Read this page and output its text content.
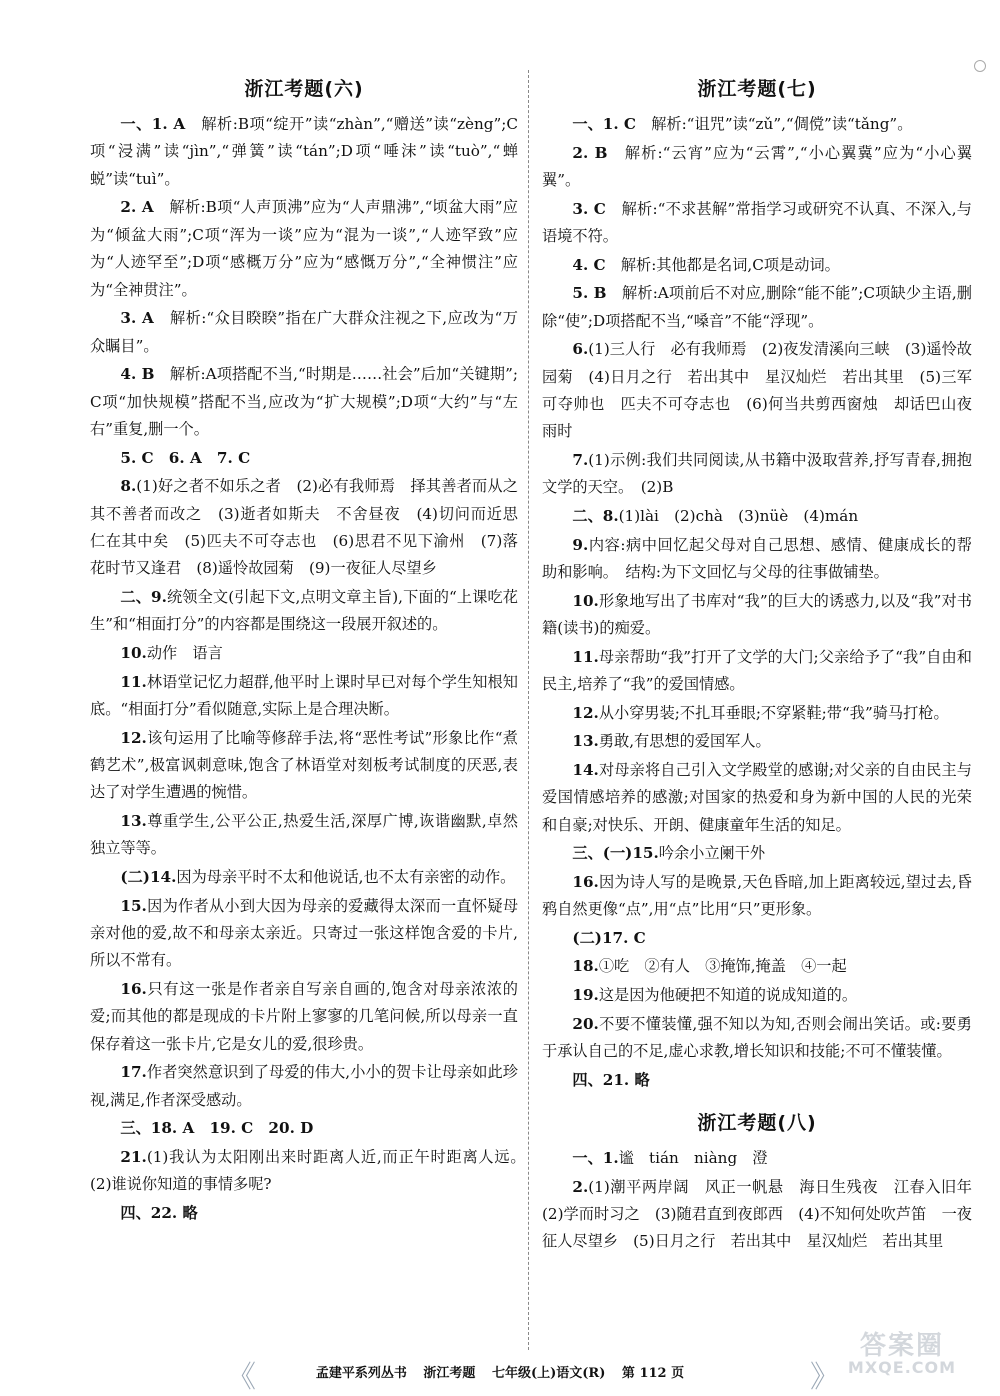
浙江考题(六)
一、1. A　解析:B项“绽开”读“zhàn”,“赠送”读“zèng”;C项“浸满”读“jìn”,“弹簧”读“tán”;D项“唾沫”读“tuò”,“蝉蜕”读“tuì”。
2. A　解析:B项“人声顶沸”应为“人声鼎沸”,“顷盆大雨”应为“倾盆大雨”;C项“浑为一谈”应为“混为一谈”,“人迹罕致”应为“人迹罕至”;D项“感概万分”应为“感慨万分”,“全神惯注”应为“全神贯注”。
3. A　解析:“众目睽睽”指在广大群众注视之下,应改为“万众瞩目”。
4. B　解析:A项搭配不当,“时期是……社会”后加“关键期”;C项“加快规模”搭配不当,应改为“扩大规模”;D项“大约”与“左右”重复,删一个。
5. C　6. A　7. C
8.(1)好之者不如乐之者　(2)必有我师焉　择其善者而从之　其不善者而改之　(3)逝者如斯夫　不舍昼夜　(4)切问而近思　仁在其中矣　(5)匹夫不可夺志也　(6)思君不见下渝州　(7)落花时节又逢君　(8)遥怜故园菊　(9)一夜征人尽望乡
二、9.统领全文(引起下文,点明文章主旨),下面的“上课吃花生”和“相面打分”的内容都是围绕这一段展开叙述的。
10.动作　语言
11.林语堂记忆力超群,他平时上课时早已对每个学生知根知底。“相面打分”看似随意,实际上是合理决断。
12.该句运用了比喻等修辞手法,将“恶性考试”形象比作“煮鹤艺术”,极富讽刺意味,饱含了林语堂对刻板考试制度的厌恶,表达了对学生遭遇的惋惜。
13.尊重学生,公平公正,热爱生活,深厚广博,诙谐幽默,卓然独立等等。
(二)14.因为母亲平时不太和他说话,也不太有亲密的动作。
15.因为作者从小到大因为母亲的爱藏得太深而一直怀疑母亲对他的爱,故不和母亲太亲近。只寄过一张这样饱含爱的卡片,所以不常有。
16.只有这一张是作者亲自写亲自画的,饱含对母亲浓浓的爱;而其他的都是现成的卡片附上寥寥的几笔问候,所以母亲一直保存着这一张卡片,它是女儿的爱,很珍贵。
17.作者突然意识到了母爱的伟大,小小的贺卡让母亲如此珍视,满足,作者深受感动。
三、18. A　19. C　20. D
21.(1)我认为太阳刚出来时距离人近,而正午时距离人远。　(2)谁说你知道的事情多呢?
四、22. 略
浙江考题(七)
一、1. C　解析:“诅咒”读“zǔ”,“倜傥”读“tǎng”。
2. B　解析:“云宵”应为“云霄”,“小心翼冀”应为“小心翼翼”。
3. C　解析:“不求甚解”常指学习或研究不认真、不深入,与语境不符。
4. C　解析:其他都是名词,C项是动词。
5. B　解析:A项前后不对应,删除“能不能”;C项缺少主语,删除“使”;D项搭配不当,“嗓音”不能“浮现”。
6.(1)三人行　必有我师焉　(2)夜发清溪向三峡　(3)遥怜故园菊　(4)日月之行　若出其中　星汉灿烂　若出其里　(5)三军可夺帅也　匹夫不可夺志也　(6)何当共剪西窗烛　却话巴山夜雨时
7.(1)示例:我们共同阅读,从书籍中汲取营养,抒写青春,拥抱文学的天空。　(2)B
二、8.(1)lài　(2)chà　(3)nüè　(4)mán
9.内容:病中回忆起父母对自己思想、感情、健康成长的帮助和影响。　结构:为下文回忆与父母的往事做铺垫。
10.形象地写出了书库对“我”的巨大的诱惑力,以及“我”对书籍(读书)的痴爱。
11.母亲帮助“我”打开了文学的大门;父亲给予了“我”自由和民主,培养了“我”的爱国情感。
12.从小穿男装;不扎耳垂眼;不穿紧鞋;带“我”骑马打枪。
13.勇敢,有思想的爱国军人。
14.对母亲将自己引入文学殿堂的感谢;对父亲的自由民主与爱国情感培养的感激;对国家的热爱和身为新中国的人民的光荣和自豪;对快乐、开朗、健康童年生活的知足。
三、(一)15.吟余小立阑干外
16.因为诗人写的是晚景,天色昏暗,加上距离较远,望过去,昏鸦自然更像“点”,用“点”比用“只”更形象。
(二)17. C
18.①吃　②有人　③掩饰,掩盖　④一起
19.这是因为他硬把不知道的说成知道的。
20.不要不懂装懂,强不知以为知,否则会闹出笑话。或:要勇于承认自己的不足,虚心求教,增长知识和技能;不可不懂装懂。
四、21. 略
浙江考题(八)
一、1.谧　tián　niàng　澄
2.(1)潮平两岸阔　风正一帆悬　海日生残夜　江春入旧年　(2)学而时习之　(3)随君直到夜郎西　(4)不知何处吹芦笛　一夜征人尽望乡　(5)日月之行　若出其中　星汉灿烂　若出其里
《	》
孟建平系列丛书 浙江考题 七年级(上)语文(R) 第 112 页
答案圈
MXQE.COM
